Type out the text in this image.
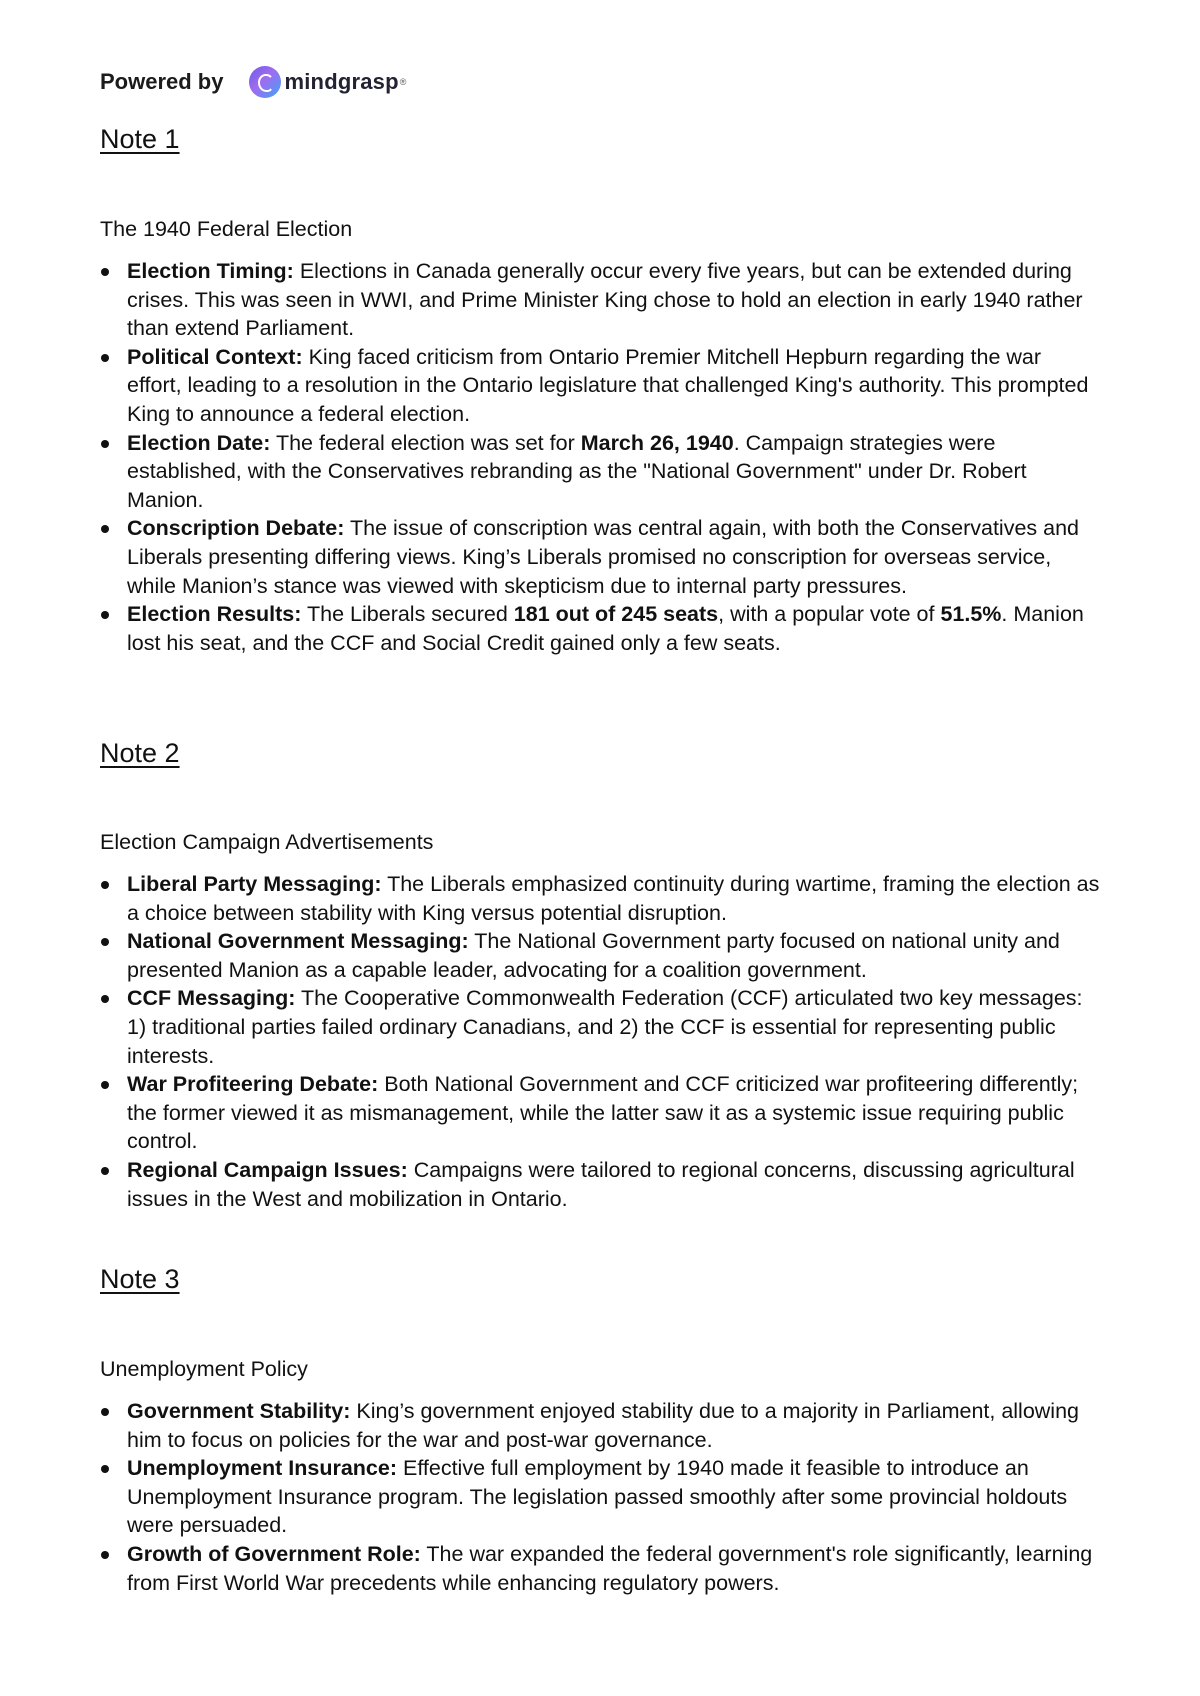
Powered by	mindgrasp ®
Note 1
The 1940 Federal Election
Election Timing: Elections in Canada generally occur every five years, but can be extended during crises. This was seen in WWI, and Prime Minister King chose to hold an election in early 1940 rather than extend Parliament.
Political Context: King faced criticism from Ontario Premier Mitchell Hepburn regarding the war effort, leading to a resolution in the Ontario legislature that challenged King's authority. This prompted King to announce a federal election.
Election Date: The federal election was set for March 26, 1940. Campaign strategies were established, with the Conservatives rebranding as the "National Government" under Dr. Robert Manion.
Conscription Debate: The issue of conscription was central again, with both the Conservatives and Liberals presenting differing views. King’s Liberals promised no conscription for overseas service, while Manion’s stance was viewed with skepticism due to internal party pressures.
Election Results: The Liberals secured 181 out of 245 seats, with a popular vote of 51.5%. Manion lost his seat, and the CCF and Social Credit gained only a few seats.
Note 2
Election Campaign Advertisements
Liberal Party Messaging: The Liberals emphasized continuity during wartime, framing the election as a choice between stability with King versus potential disruption.
National Government Messaging: The National Government party focused on national unity and presented Manion as a capable leader, advocating for a coalition government.
CCF Messaging: The Cooperative Commonwealth Federation (CCF) articulated two key messages: 1) traditional parties failed ordinary Canadians, and 2) the CCF is essential for representing public interests.
War Profiteering Debate: Both National Government and CCF criticized war profiteering differently; the former viewed it as mismanagement, while the latter saw it as a systemic issue requiring public control.
Regional Campaign Issues: Campaigns were tailored to regional concerns, discussing agricultural issues in the West and mobilization in Ontario.
Note 3
Unemployment Policy
Government Stability: King’s government enjoyed stability due to a majority in Parliament, allowing him to focus on policies for the war and post-war governance.
Unemployment Insurance: Effective full employment by 1940 made it feasible to introduce an Unemployment Insurance program. The legislation passed smoothly after some provincial holdouts were persuaded.
Growth of Government Role: The war expanded the federal government's role significantly, learning from First World War precedents while enhancing regulatory powers.
